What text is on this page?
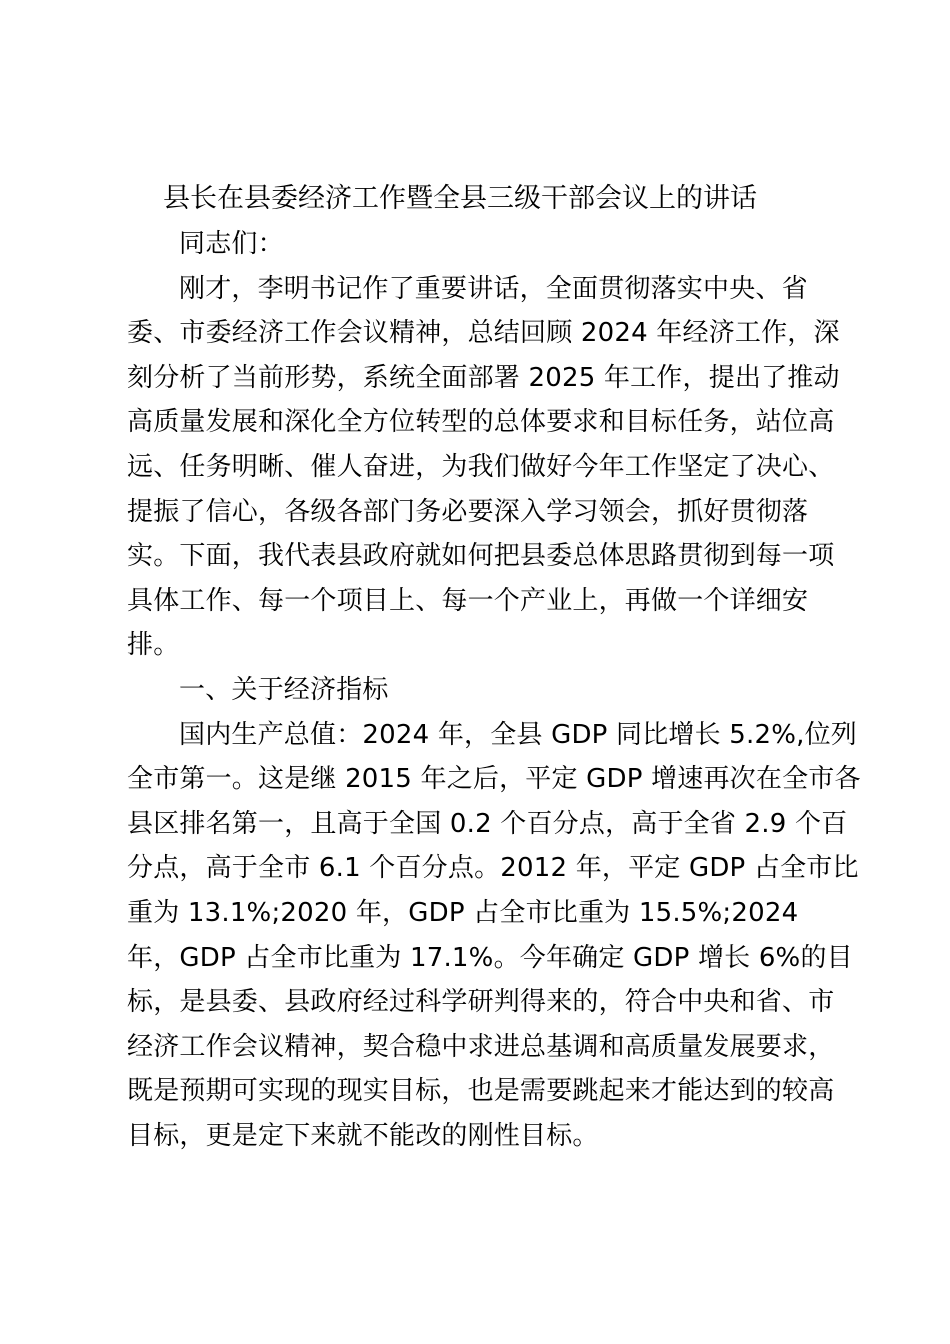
县长在县委经济工作暨全县三级干部会议上的讲话
同志们：
刚才，李明书记作了重要讲话，全面贯彻落实中央、省
委、市委经济工作会议精神，总结回顾 2024 年经济工作，深
刻分析了当前形势，系统全面部署 2025 年工作，提出了推动
高质量发展和深化全方位转型的总体要求和目标任务，站位高
远、任务明晰、催人奋进，为我们做好今年工作坚定了决心、
提振了信心，各级各部门务必要深入学习领会，抓好贯彻落
实。下面，我代表县政府就如何把县委总体思路贯彻到每一项
具体工作、每一个项目上、每一个产业上，再做一个详细安
排。
一、关于经济指标
国内生产总值：2024 年，全县 GDP 同比增长 5.2%,位列
全市第一。这是继 2015 年之后，平定 GDP 增速再次在全市各
县区排名第一，且高于全国 0.2 个百分点，高于全省 2.9 个百
分点，高于全市 6.1 个百分点。2012 年，平定 GDP 占全市比
重为 13.1%;2020 年，GDP 占全市比重为 15.5%;2024
年，GDP 占全市比重为 17.1%。今年确定 GDP 增长 6%的目
标，是县委、县政府经过科学研判得来的，符合中央和省、市
经济工作会议精神，契合稳中求进总基调和高质量发展要求，
既是预期可实现的现实目标，也是需要跳起来才能达到的较高
目标，更是定下来就不能改的刚性目标。
